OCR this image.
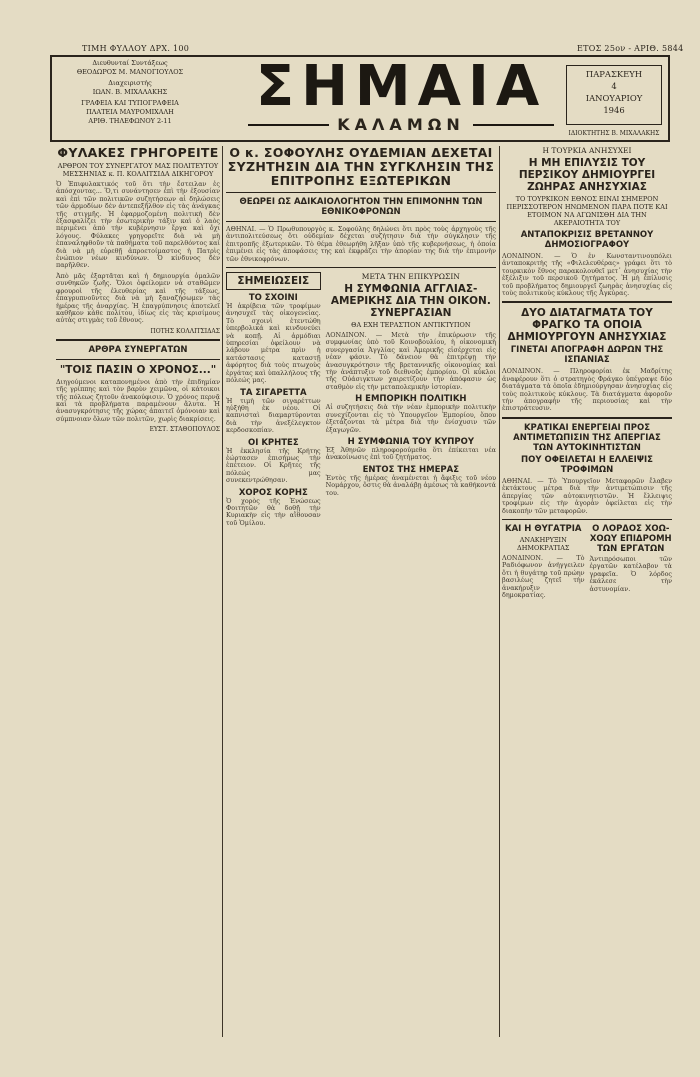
ΤΙΜΗ ΦΥΛΛΟΥ ΔΡΧ. 100	ΕΤΟΣ 25ον - ΑΡΙΘ. 5844
Διευθυνταί Συντάξεως
ΘΕΟΔΩΡΟΣ Μ. ΜΑΝΟΓΙΟΥΛΟΣ
Διαχειριστής
ΙΩΑΝ. Β. ΜΙΧΑΛΑΚΗΣ
ΓΡΑΦΕΙΑ ΚΑΙ ΤΥΠΟΓΡΑΦΕΙΑ
ΠΛΑΤΕΙΑ ΜΑΥΡΟΜΙΧΑΛΗ
ΑΡΙΘ. ΤΗΛΕΦΩΝΟΥ 2-11
ΣΗΜΑΙΑ
ΚΑΛΑΜΩΝ
ΠΑΡΑΣΚΕΥΗ
4
ΙΑΝΟΥΑΡΙΟΥ
1946
ΙΔΙΟΚΤΗΤΗΣ Β. ΜΙΧΑΛΑΚΗΣ
ΦΥΛΑΚΕΣ ΓΡΗΓΟΡΕΙΤΕ
ΑΡΘΡΟΝ ΤΟΥ ΣΥΝΕΡΓΑΤΟΥ ΜΑΣ ΠΟΛΙΤΕΥΤΟΥ ΜΕΣΣΗΝΙΑΣ κ. Π. ΚΟΛΛΙΤΣΙΔΑ ΔΙΚΗΓΟΡΟΥ
Ὁ Ἐπιφυλακτικός τοῦ ὅτι τὴν ἔστειλαν ἐς ἀπόσχοντας... Ὅ,τι συνάντησεν ἐπὶ τὴν ἐξουσίαν καὶ ἐπὶ τῶν πολιτικῶν συζητήσεων αἱ δηλώσεις τῶν ἀρμοδίων δὲν ἀντεπεξῆλθον εἰς τὰς ἀνάγκας τῆς στιγμῆς. Ἡ ἐφαρμοζομένη πολιτικὴ δὲν ἐξασφαλίζει τὴν ἐσωτερικὴν τάξιν καὶ ὁ λαὸς περιμένει ἀπὸ τὴν κυβέρνησιν ἔργα καὶ ὄχι λόγους. Φύλακες γρηγορεῖτε διὰ νὰ μὴ ἐπαναληφθοῦν τὰ παθήματα τοῦ παρελθόντος καὶ διὰ νὰ μὴ εὑρεθῇ ἀπροετοίμαστος ἡ Πατρὶς ἐνώπιον νέων κινδύνων. Ὁ κίνδυνος δὲν παρῆλθεν.
Ἀπὸ μᾶς ἐξαρτᾶται καὶ ἡ δημιουργία ὁμαλῶν συνθηκῶν ζωῆς. Ὅλοι ὀφείλομεν νὰ σταθῶμεν φρουροὶ τῆς ἐλευθερίας καὶ τῆς τάξεως, ἐπαγρυπνοῦντες διὰ νὰ μὴ ξαναζήσωμεν τὰς ἡμέρας τῆς ἀναρχίας. Ἡ ἐπαγρύπνησις ἀποτελεῖ καθῆκον κάθε πολίτου, ἰδίως εἰς τὰς κρισίμους αὐτὰς στιγμὰς τοῦ ἔθνους.
ΠΟΤΗΣ ΚΟΛΛΙΤΣΙΔΑΣ
ΑΡΘΡΑ ΣΥΝΕΡΓΑΤΩΝ
"ΤΟΙΣ ΠΑΣΙΝ Ο ΧΡΟΝΟΣ..."
Διηγούμενοι καταπονημένοι ἀπὸ τὴν ἐπιδημίαν τῆς γρίππης καὶ τὸν βαρὺν χειμῶνα, οἱ κάτοικοι τῆς πόλεως ζητοῦν ἀνακούφισιν. Ὁ χρόνος περνᾷ καὶ τὰ προβλήματα παραμένουν ἄλυτα. Ἡ ἀνασυγκρότησις τῆς χώρας ἀπαιτεῖ ὁμόνοιαν καὶ σύμπνοιαν ὅλων τῶν πολιτῶν, χωρὶς διακρίσεις.
ΕΥΣΤ. ΣΤΑΘΟΠΟΥΛΟΣ
Ο κ. ΣΟΦΟΥΛΗΣ ΟΥΔΕΜΙΑΝ ΔΕΧΕΤΑΙ ΣΥΖΗΤΗΣΙΝ ΔΙΑ ΤΗΝ ΣΥΓΚΛΗΣΙΝ ΤΗΣ ΕΠΙΤΡΟΠΗΣ ΕΞΩΤΕΡΙΚΩΝ
ΘΕΩΡΕΙ ΩΣ ΑΔΙΚΑΙΟΛΟΓΗΤΟΝ ΤΗΝ ΕΠΙΜΟΝΗΝ ΤΩΝ ΕΘΝΙΚΟΦΡΟΝΩΝ
ΑΘΗΝΑΙ. — Ὁ Πρωθυπουργὸς κ. Σοφούλης δηλώνει ὅτι πρὸς τοὺς ἀρχηγοὺς τῆς ἀντιπολιτεύσεως ὅτι οὐδεμίαν δέχεται συζήτησιν διὰ τὴν σύγκλησιν τῆς ἐπιτροπῆς ἐξωτερικῶν. Τὸ θέμα ἐθεωρήθη λῆξαν ὑπὸ τῆς κυβερνήσεως, ἡ ὁποία ἐπιμένει εἰς τὰς ἀποφάσεις της καὶ ἐκφράζει τὴν ἀπορίαν της διὰ τὴν ἐπιμονὴν τῶν ἐθνικοφρόνων.
ΣΗΜΕΙΩΣΕΙΣ
ΤΟ ΣΧΟΙΝΙ
Ἡ ἀκρίβεια τῶν τροφίμων ἀνησυχεῖ τὰς οἰκογενείας. Τὸ σχοινὶ ἐτεντώθη ὑπερβολικά καὶ κινδυνεύει νὰ κοπῇ. Αἱ ἁρμόδιαι ὑπηρεσίαι ὀφείλουν νὰ λάβουν μέτρα πρὶν ἡ κατάστασις καταστῇ ἀφόρητος διὰ τοὺς πτωχοὺς ἐργάτας καὶ ὑπαλλήλους τῆς πόλεώς μας.
ΤΑ ΣΙΓΑΡΕΤΤΑ
Ἡ τιμὴ τῶν σιγαρέττων ηὐξήθη ἐκ νέου. Οἱ καπνισταὶ διαμαρτύρονται διὰ τὴν ἀνεξέλεγκτον κερδοσκοπίαν.
ΟΙ ΚΡΗΤΕΣ
Ἡ ἐκκλησία τῆς Κρήτης ἐώρτασεν ἐπισήμως τὴν ἐπέτειον. Οἱ Κρῆτες τῆς πόλεώς μας συνεκεντρώθησαν.
ΧΟΡΟΣ ΚΟΡΗΣ
Ὁ χορὸς τῆς Ἑνώσεως Φοιτητῶν θὰ δοθῇ τὴν Κυριακὴν εἰς τὴν αἴθουσαν τοῦ Ὁμίλου.
ΜΕΤΑ ΤΗΝ ΕΠΙΚΥΡΩΣΙΝ
Η ΣΥΜΦΩΝΙΑ ΑΓΓΛΙΑΣ-ΑΜΕΡΙΚΗΣ ΔΙΑ ΤΗΝ ΟΙΚΟΝ. ΣΥΝΕΡΓΑΣΙΑΝ
ΘΑ ΕΧΗ ΤΕΡΑΣΤΙΟΝ ΑΝΤΙΚΤΥΠΟΝ
ΛΟΝΔΙΝΟΝ. — Μετὰ τὴν ἐπικύρωσιν τῆς συμφωνίας ὑπὸ τοῦ Κοινοβουλίου, ἡ οἰκονομικὴ συνεργασία Ἀγγλίας καὶ Ἀμερικῆς εἰσέρχεται εἰς νέαν φάσιν. Τὸ δάνειον θὰ ἐπιτρέψῃ τὴν ἀνασυγκρότησιν τῆς βρεταννικῆς οἰκονομίας καὶ τὴν ἀνάπτυξιν τοῦ διεθνοῦς ἐμπορίου. Οἱ κύκλοι τῆς Οὐάσιγκτων χαιρετίζουν τὴν ἀπόφασιν ὡς σταθμὸν εἰς τὴν μεταπολεμικὴν ἱστορίαν.
Η ΕΜΠΟΡΙΚΗ ΠΟΛΙΤΙΚΗ
Αἱ συζητήσεις διὰ τὴν νέαν ἐμπορικὴν πολιτικὴν συνεχίζονται εἰς τὸ Ὑπουργεῖον Ἐμπορίου, ὅπου ἐξετάζονται τὰ μέτρα διὰ τὴν ἐνίσχυσιν τῶν ἐξαγωγῶν.
Η ΣΥΜΦΩΝΙΑ ΤΟΥ ΚΥΠΡΟΥ
Ἐξ Ἀθηνῶν πληροφορούμεθα ὅτι ἐπίκειται νέα ἀνακοίνωσις ἐπὶ τοῦ ζητήματος.
ΕΝΤΟΣ ΤΗΣ ΗΜΕΡΑΣ
Ἐντὸς τῆς ἡμέρας ἀναμένεται ἡ ἄφιξις τοῦ νέου Νομάρχου, ὅστις θὰ ἀναλάβῃ ἀμέσως τὰ καθήκοντά του.
Η ΤΟΥΡΚΙΑ ΑΝΗΣΥΧΕΙ
Η ΜΗ ΕΠΙΛΥΣΙΣ ΤΟΥ ΠΕΡΣΙΚΟΥ ΔΗΜΙΟΥΡΓΕΙ ΖΩΗΡΑΣ ΑΝΗΣΥΧΙΑΣ
ΤΟ ΤΟΥΡΚΙΚΟΝ ΕΘΝΟΣ ΕΙΝΑΙ ΣΗΜΕΡΟΝ ΠΕΡΙΣΣΟΤΕΡΟΝ ΗΝΩΜΕΝΟΝ ΠΑΡΑ ΠΟΤΕ ΚΑΙ ΕΤΟΙΜΟΝ ΝΑ ΑΓΩΝΙΣΘΗ ΔΙΑ ΤΗΝ ΑΚΕΡΑΙΟΤΗΤΑ ΤΟΥ
ΑΝΤΑΠΟΚΡΙΣΙΣ ΒΡΕΤΑΝΝΟΥ ΔΗΜΟΣΙΟΓΡΑΦΟΥ
ΛΟΝΔΙΝΟΝ. — Ὁ ἐν Κωνσταντινουπόλει ἀνταποκριτὴς τῆς «Φιλελευθέρας» γράφει ὅτι τὸ τουρκικὸν ἔθνος παρακολουθεῖ μετ᾽ ἀνησυχίας τὴν ἐξέλιξιν τοῦ περσικοῦ ζητήματος. Ἡ μὴ ἐπίλυσις τοῦ προβλήματος δημιουργεῖ ζωηρὰς ἀνησυχίας εἰς τοὺς πολιτικοὺς κύκλους τῆς Ἀγκύρας.
ΔΥΟ ΔΙΑΤΑΓΜΑΤΑ ΤΟΥ ΦΡΑΓΚΟ ΤΑ ΟΠΟΙΑ ΔΗΜΙΟΥΡΓΟΥΝ ΑΝΗΣΥΧΙΑΣ
ΓΙΝΕΤΑΙ ΑΠΟΓΡΑΦΗ ΔΩΡΩΝ ΤΗΣ ΙΣΠΑΝΙΑΣ
ΛΟΝΔΙΝΟΝ. — Πληροφορίαι ἐκ Μαδρίτης ἀναφέρουν ὅτι ὁ στρατηγὸς Φράγκο ὑπέγραψε δύο διατάγματα τὰ ὁποῖα ἐδημιούργησαν ἀνησυχίας εἰς τοὺς πολιτικοὺς κύκλους. Τὰ διατάγματα ἀφοροῦν τὴν ἀπογραφὴν τῆς περιουσίας καὶ τὴν ἐπιστράτευσιν.
ΚΡΑΤΙΚΑΙ ΕΝΕΡΓΕΙΑΙ ΠΡΟΣ ΑΝΤΙΜΕΤΩΠΙΣΙΝ ΤΗΣ ΑΠΕΡΓΙΑΣ ΤΩΝ ΑΥΤΟΚΙΝΗΤΙΣΤΩΝ
ΠΟΥ ΟΦΕΙΛΕΤΑΙ Η ΕΛΛΕΙΨΙΣ ΤΡΟΦΙΜΩΝ
ΑΘΗΝΑΙ. — Τὸ Ὑπουργεῖον Μεταφορῶν ἔλαβεν ἐκτάκτους μέτρα διὰ τὴν ἀντιμετώπισιν τῆς ἀπεργίας τῶν αὐτοκινητιστῶν. Ἡ ἔλλειψις τροφίμων εἰς τὴν ἀγορὰν ὀφείλεται εἰς τὴν διακοπὴν τῶν μεταφορῶν.
ΚΑΙ Η ΘΥΓΑΤΡΙΑ
ΑΝΑΚΗΡΥΞΙΝ ΔΗΜΟΚΡΑΤΙΑΣ
ΛΟΝΔΙΝΟΝ. — Τὸ Ραδιόφωνον ἀνήγγειλεν ὅτι ἡ θυγάτηρ τοῦ πρώην βασιλέως ζητεῖ τὴν ἀνακήρυξιν δημοκρατίας.
Ο ΛΟΡΔΟΣ ΧΟΩ-ΧΟΩΥ ΕΠΙΔΡΟΜΗ ΤΩΝ ΕΡΓΑΤΩΝ
Ἀντιπρόσωποι τῶν ἐργατῶν κατέλαβον τὰ γραφεῖα. Ὁ λόρδος ἐκάλεσε τὴν ἀστυνομίαν.
